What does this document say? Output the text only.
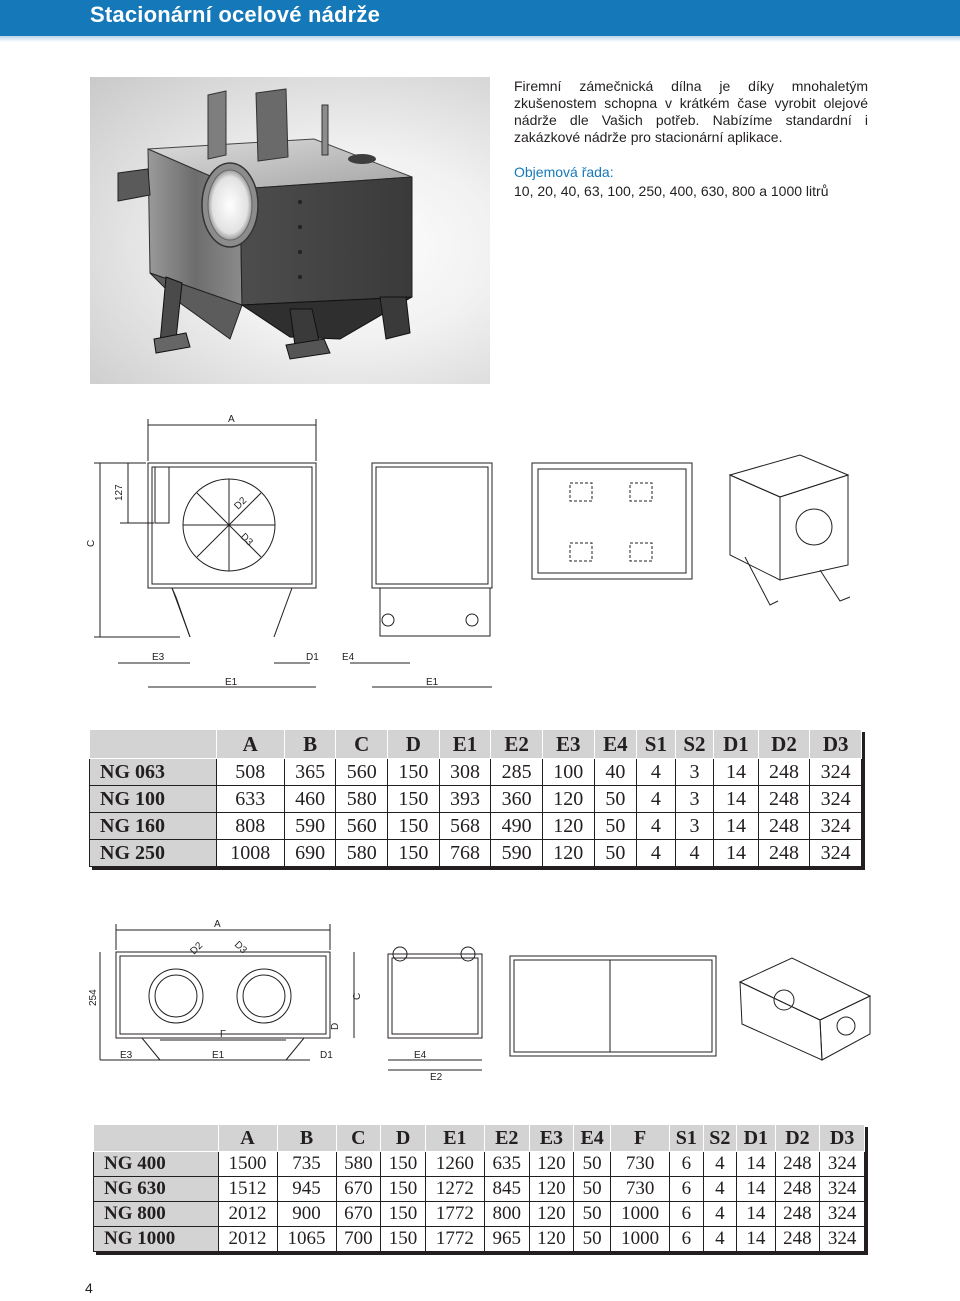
Stacionární ocelové nádrže
Firemní zámečnická dílna je díky mnohaletým zkušenostem schopna v krátkém čase vyrobit olejové nádrže dle Vašich potřeb. Nabízíme standardní i zakázkové nádrže pro stacionární aplikace.
Objemová řada:
10, 20, 40, 63, 100, 250, 400, 630, 800 a 1000 litrů
A
C
127
D2
D3
E3	D1 E4
E1	E1
	A	B	C	D	E1	E2	E3	E4	S1	S2	D1	D2	D3
NG 063	508	365	560	150	308	285	100	40	4	3	14	248	324
NG 100	633	460	580	150	393	360	120	50	4	3	14	248	324
NG 160	808	590	560	150	568	490	120	50	4	3	14	248	324
NG 250	1008	690	580	150	768	590	120	50	4	4	14	248	324
A
D2	D3
254	C
D
F
E3	E1	D1	E4
E2
	A	B	C	D	E1	E2	E3	E4	F	S1	S2	D1	D2	D3
NG 400	1500	735	580	150	1260	635	120	50	730	6	4	14	248	324
NG 630	1512	945	670	150	1272	845	120	50	730	6	4	14	248	324
NG 800	2012	900	670	150	1772	800	120	50	1000	6	4	14	248	324
NG 1000	2012	1065	700	150	1772	965	120	50	1000	6	4	14	248	324
4
